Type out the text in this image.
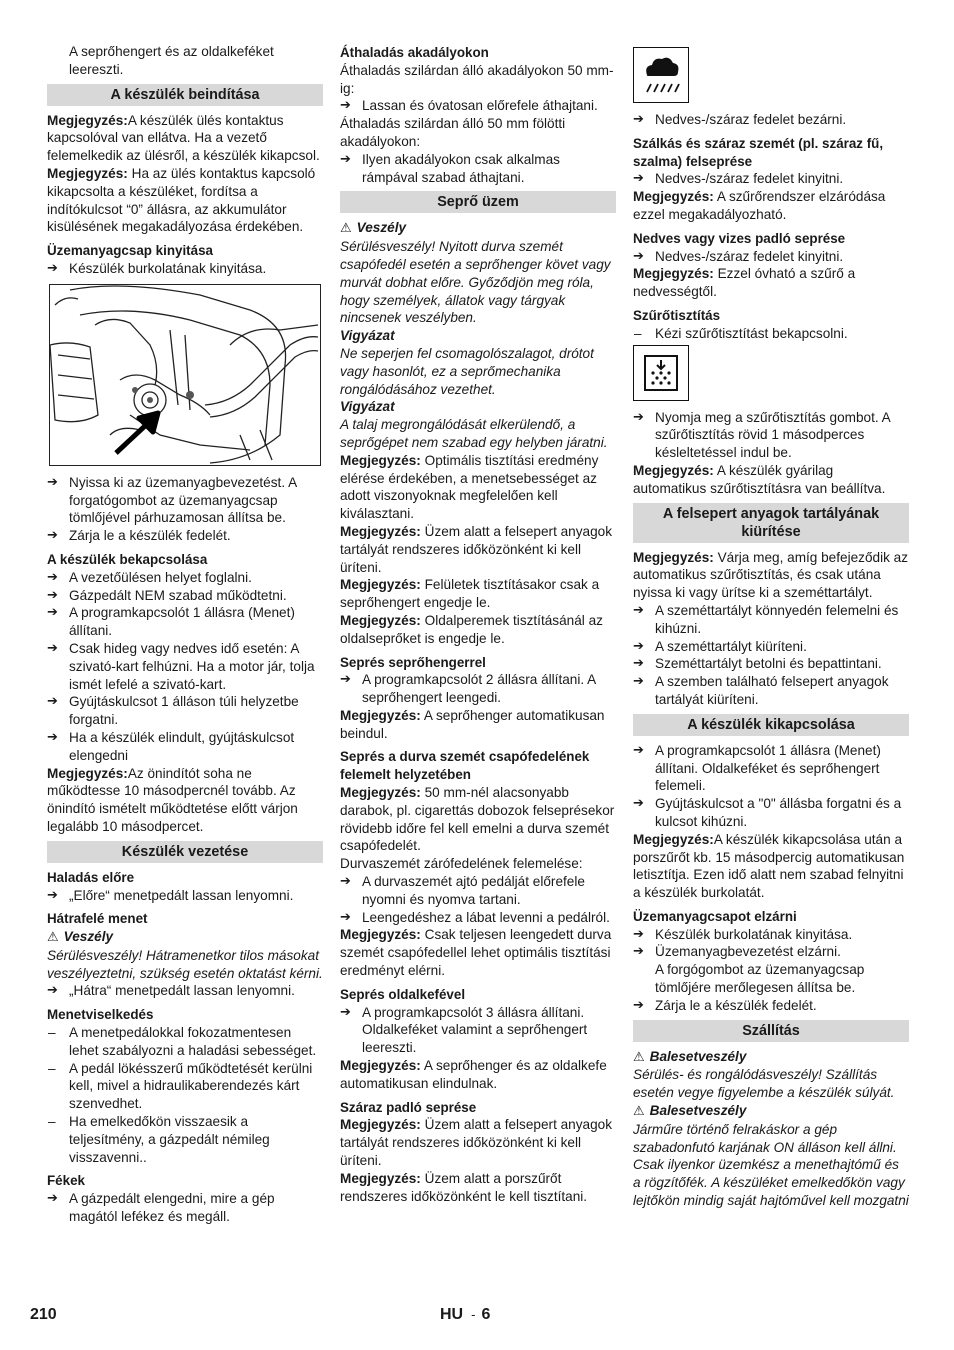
A seprőhengert és az oldalkeféket leereszti.
A készülék beindítása
Megjegyzés:A készülék ülés kontaktus kapcsolóval van ellátva. Ha a vezető felemelkedik az ülésről, a készülék kikapcsol.
Megjegyzés: Ha az ülés kontaktus kapcsoló kikapcsolta a készüléket, fordítsa a indítókulcsot “0” állásra, az akkumulátor kisülésének megakadályozása érdekében.
Üzemanyagcsap kinyitása
➔ Készülék burkolatának kinyitása.
➔ Nyissa ki az üzemanyagbevezetést. A forgatógombot az üzemanyagcsap tömlőjével párhuzamosan állítsa be.
➔ Zárja le a készülék fedelét.
A készülék bekapcsolása
➔ A vezetőülésen helyet foglalni.
➔ Gázpedált NEM szabad működtetni.
➔ A programkapcsolót 1 állásra (Menet) állítani.
➔ Csak hideg vagy nedves idő esetén: A szivató-kart felhúzni. Ha a motor jár, tolja ismét lefelé a szivató-kart.
➔ Gyújtáskulcsot 1 álláson túli helyzetbe forgatni.
➔ Ha a készülék elindult, gyújtáskulcsot elengedni
Megjegyzés:Az önindítót soha ne működtesse 10 másodpercnél tovább. Az önindító ismételt működtetése előtt várjon legalább 10 másodpercet.
Készülék vezetése
Haladás előre
➔ „Előre“ menetpedált lassan lenyomni.
Hátrafelé menet
⚠ Veszély
Sérülésveszély! Hátramenetkor tilos másokat veszélyeztetni, szükség esetén oktatást kérni.
➔ „Hátra“ menetpedált lassan lenyomni.
Menetviselkedés
– A menetpedálokkal fokozatmentesen lehet szabályozni a haladási sebességet.
– A pedál lökésszerű működtetését kerülni kell, mivel a hidraulikaberendezés kárt szenvedhet.
– Ha emelkedőkön visszaesik a teljesítmény, a gázpedált némileg visszavenni..
Fékek
➔ A gázpedált elengedni, mire a gép magától lefékez és megáll.
Áthaladás akadályokon
Áthaladás szilárdan álló akadályokon 50 mm-ig:
➔ Lassan és óvatosan előrefele áthajtani.
Áthaladás szilárdan álló 50 mm fölötti akadályokon:
➔ Ilyen akadályokon csak alkalmas rámpával szabad áthajtani.
Seprő üzem
⚠ Veszély
Sérülésveszély! Nyitott durva szemét csapófedél esetén a seprőhenger követ vagy murvát dobhat előre. Győződjön meg róla, hogy személyek, állatok vagy tárgyak nincsenek veszélyben.
Vigyázat
Ne seperjen fel csomagolószalagot, drótot vagy hasonlót, ez a seprőmechanika rongálódásához vezethet.
Vigyázat
A talaj megrongálódását elkerülendő, a seprőgépet nem szabad egy helyben járatni.
Megjegyzés: Optimális tisztítási eredmény elérése érdekében, a menetsebességet az adott viszonyoknak megfelelően kell kiválasztani.
Megjegyzés: Üzem alatt a felsepert anyagok tartályát rendszeres időközönként ki kell üríteni.
Megjegyzés: Felületek tisztításakor csak a seprőhengert engedje le.
Megjegyzés: Oldalperemek tisztításánál az oldalseprőket is engedje le.
Seprés seprőhengerrel
➔ A programkapcsolót 2 állásra állítani. A seprőhengert leengedi.
Megjegyzés: A seprőhenger automatikusan beindul.
Seprés a durva szemét csapófedelének felemelt helyzetében
Megjegyzés: 50 mm-nél alacsonyabb darabok, pl. cigarettás dobozok felseprésekor rövidebb időre fel kell emelni a durva szemét csapófedelét.
Durvaszemét zárófedelének felemelése:
➔ A durvaszemét ajtó pedálját előrefele nyomni és nyomva tartani.
➔ Leengedéshez a lábat levenni a pedálról.
Megjegyzés: Csak teljesen leengedett durva szemét csapófedellel lehet optimális tisztítási eredményt elérni.
Seprés oldalkefével
➔ A programkapcsolót 3 állásra állítani. Oldalkeféket valamint a seprőhengert leereszti.
Megjegyzés: A seprőhenger és az oldalkefe automatikusan elindulnak.
Száraz padló seprése
Megjegyzés: Üzem alatt a felsepert anyagok tartályát rendszeres időközönként ki kell üríteni.
Megjegyzés: Üzem alatt a porszűrőt rendszeres időközönként le kell tisztítani.
➔ Nedves-/száraz fedelet bezárni.
Szálkás és száraz szemét (pl. száraz fű, szalma) felseprése
➔ Nedves-/száraz fedelet kinyitni.
Megjegyzés: A szűrőrendszer elzáródása ezzel megakadályozható.
Nedves vagy vizes padló seprése
➔ Nedves-/száraz fedelet kinyitni.
Megjegyzés: Ezzel óvható a szűrő a nedvességtől.
Szűrőtisztítás
– Kézi szűrőtisztítást bekapcsolni.
➔ Nyomja meg a szűrőtisztítás gombot. A szűrőtisztítás rövid 1 másodperces késleltetéssel indul be.
Megjegyzés: A készülék gyárilag automatikus szűrőtisztításra van beállítva.
A felsepert anyagok tartályának kiürítése
Megjegyzés: Várja meg, amíg befejeződik az automatikus szűrőtisztítás, és csak utána nyissa ki vagy ürítse ki a szeméttartályt.
➔ A szeméttartályt könnyedén felemelni és kihúzni.
➔ A szeméttartályt kiüríteni.
➔ Szeméttartályt betolni és bepattintani.
➔ A szemben található felsepert anyagok tartályát kiüríteni.
A készülék kikapcsolása
➔ A programkapcsolót 1 állásra (Menet) állítani. Oldalkeféket és seprőhengert felemeli.
➔ Gyújtáskulcsot a "0" állásba forgatni és a kulcsot kihúzni.
Megjegyzés:A készülék kikapcsolása után a porszűrőt kb. 15 másodpercig automatikusan letisztítja. Ezen idő alatt nem szabad felnyitni a készülék burkolatát.
Üzemanyagcsapot elzárni
➔ Készülék burkolatának kinyitása.
➔ Üzemanyagbevezetést elzárni.
A forgógombot az üzemanyagcsap tömlőjére merőlegesen állítsa be.
➔ Zárja le a készülék fedelét.
Szállítás
⚠ Balesetveszély
Sérülés- és rongálódásveszély! Szállítás esetén vegye figyelembe a készülék súlyát.
⚠ Balesetveszély
Járműre történő felrakáskor a gép szabadonfutó karjának ON álláson kell állni. Csak ilyenkor üzemkész a menethajtómű és a rögzítőfék. A készüléket emelkedőkön vagy lejtőkön mindig saját hajtóművel kell mozgatni
210	HU - 6
